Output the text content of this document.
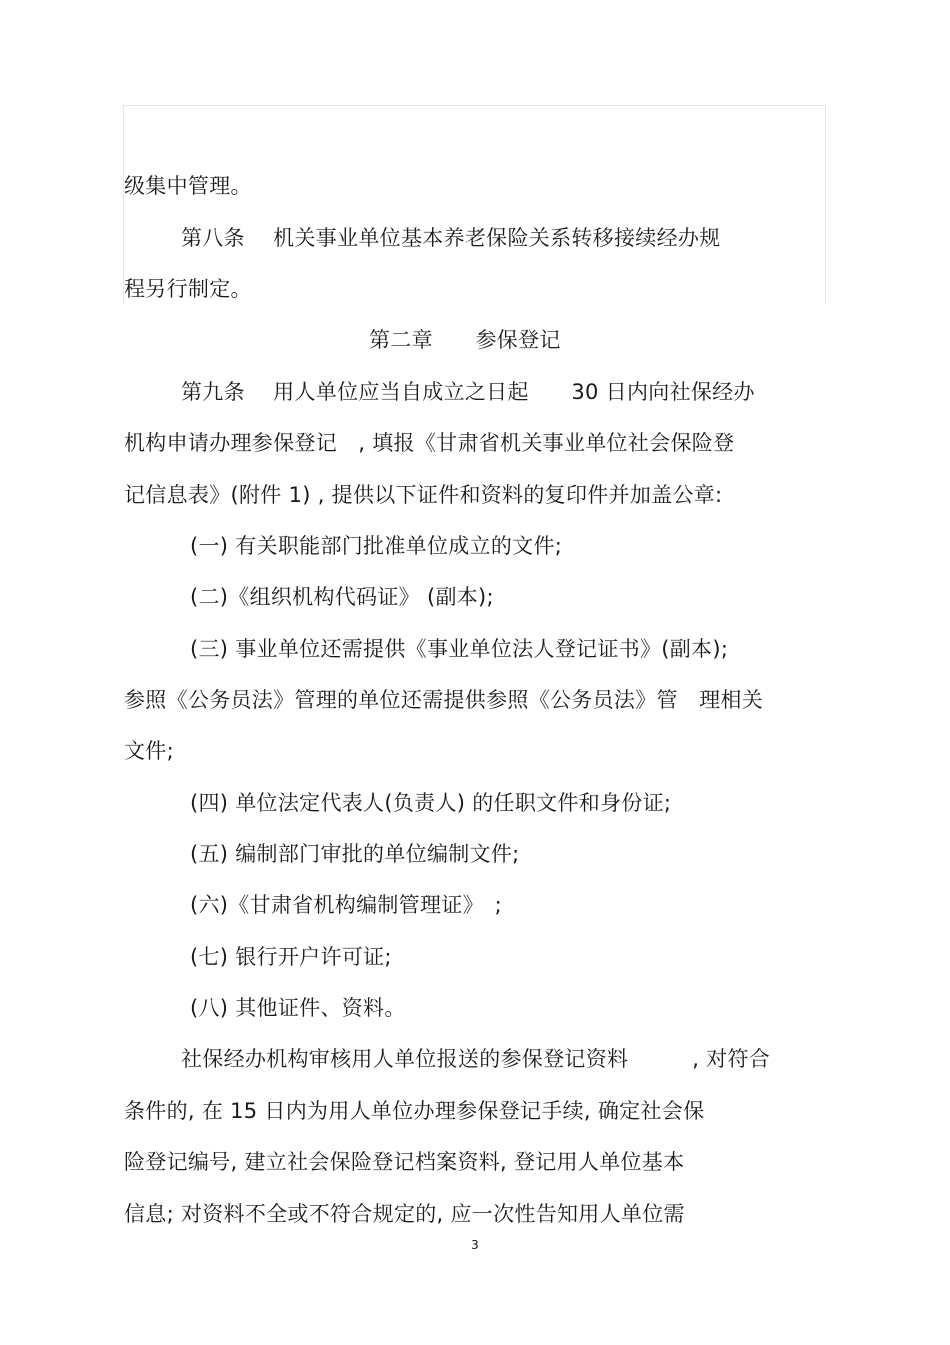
级集中管理。

第八条　 机关事业单位基本养老保险关系转移接续经办规

程另行制定。

第二章　　参保登记

第九条　 用人单位应当自成立之日起　　30 日内向社保经办

机构申请办理参保登记　, 填报《甘肃省机关事业单位社会保险登

记信息表》(附件 1) , 提供以下证件和资料的复印件并加盖公章:

(一) 有关职能部门批准单位成立的文件;

(二)《组织机构代码证》 (副本);

(三) 事业单位还需提供《事业单位法人登记证书》(副本);

参照《公务员法》管理的单位还需提供参照《公务员法》管　理相关

文件;

(四) 单位法定代表人(负责人) 的任职文件和身份证;

(五) 编制部门审批的单位编制文件;

(六)《甘肃省机构编制管理证》　;

(七) 银行开户许可证;

(八) 其他证件、资料。

社保经办机构审核用人单位报送的参保登记资料　　　, 对符合

条件的, 在 15 日内为用人单位办理参保登记手续, 确定社会保

险登记编号, 建立社会保险登记档案资料, 登记用人单位基本

信息; 对资料不全或不符合规定的, 应一次性告知用人单位需

3
